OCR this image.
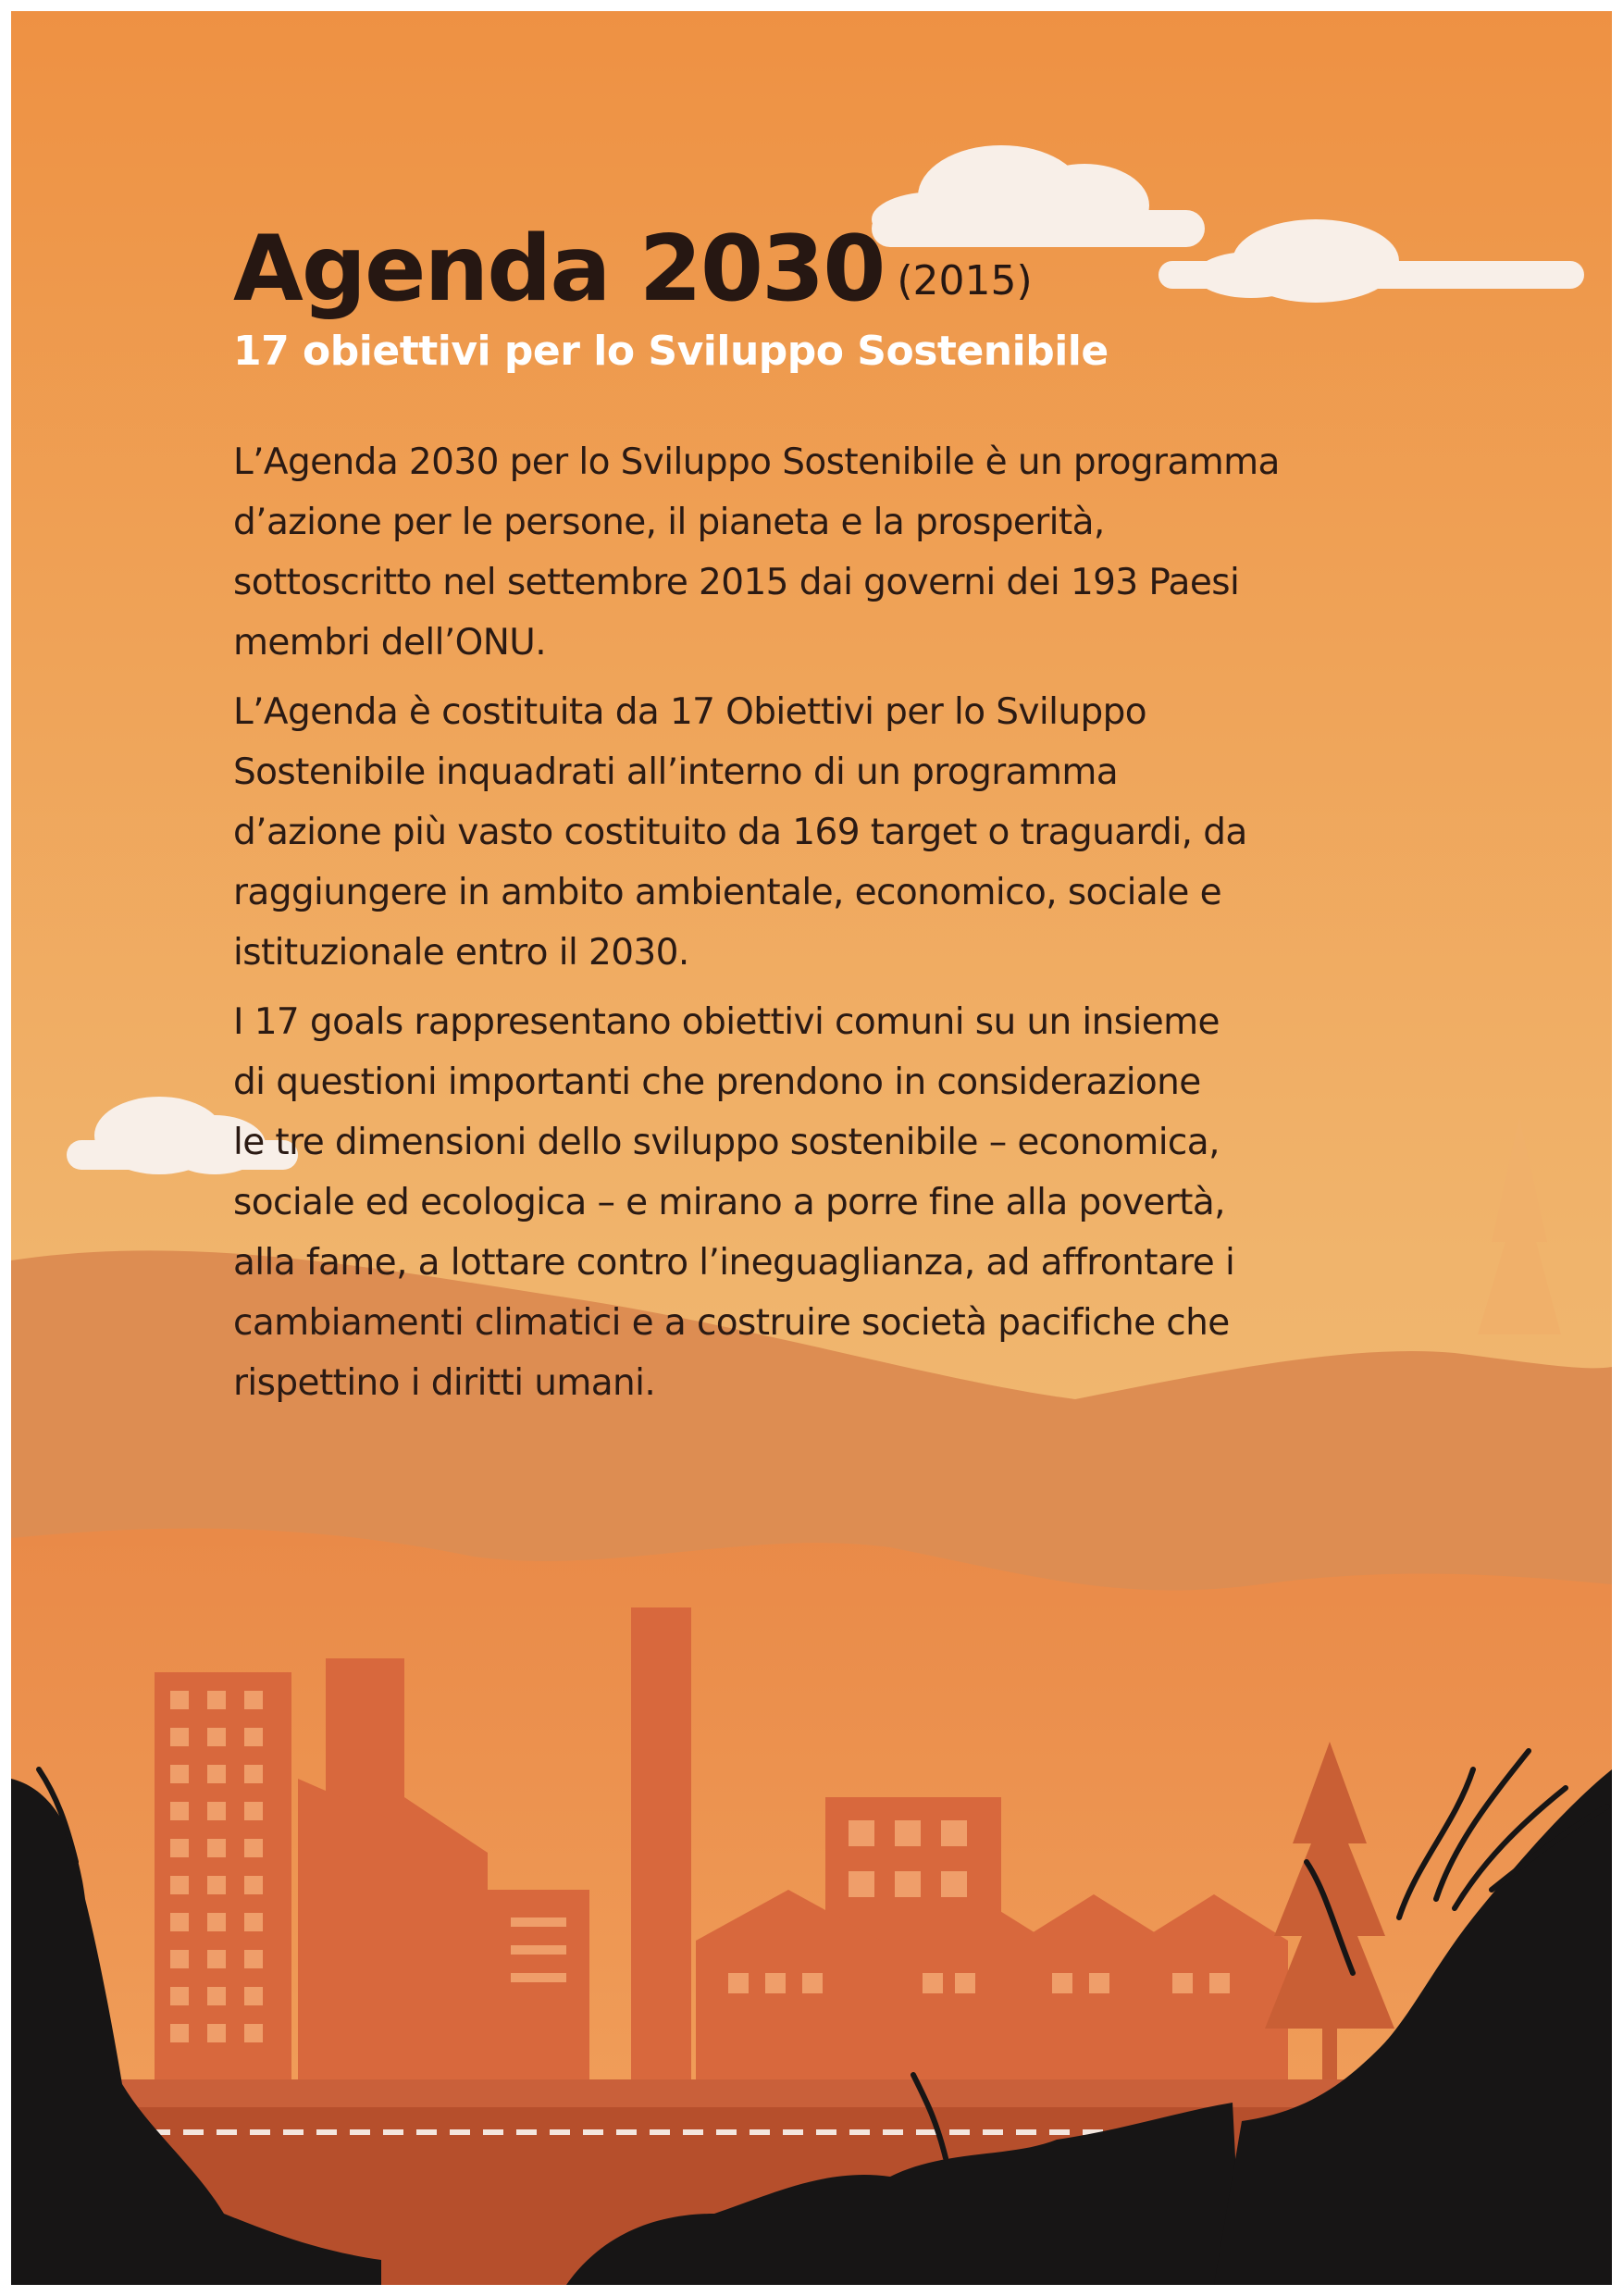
Agenda 2030 (2015)
17 obiettivi per lo Sviluppo Sostenibile

L’Agenda 2030 per lo Sviluppo Sostenibile è un programma
d’azione per le persone, il pianeta e la prosperità,
sottoscritto nel settembre 2015 dai governi dei 193 Paesi
membri dell’ONU.

L’Agenda è costituita da 17 Obiettivi per lo Sviluppo
Sostenibile inquadrati all’interno di un programma
d’azione più vasto costituito da 169 target o traguardi, da
raggiungere in ambito ambientale, economico, sociale e
istituzionale entro il 2030.

I 17 goals rappresentano obiettivi comuni su un insieme
di questioni importanti che prendono in considerazione
le tre dimensioni dello sviluppo sostenibile – economica,
sociale ed ecologica – e mirano a porre fine alla povertà,
alla fame, a lottare contro l’ineguaglianza, ad affrontare i
cambiamenti climatici e a costruire società pacifiche che
rispettino i diritti umani.
